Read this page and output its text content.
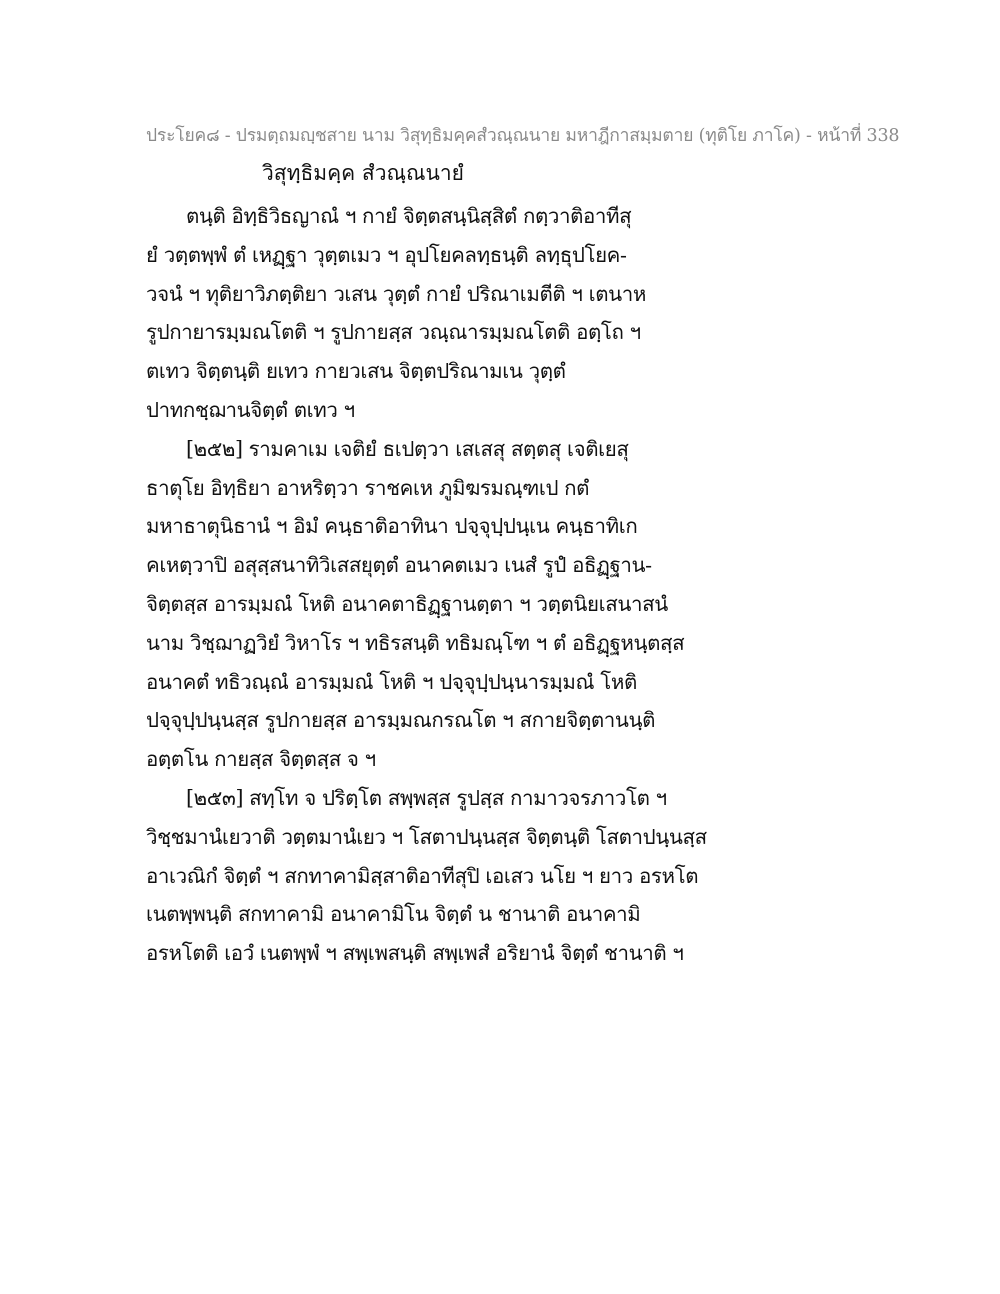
ประโยค๘ - ปรมตฺถมญฺชสาย นาม วิสุทฺธิมคฺคสํวณฺณนาย มหาฎีกาสมฺมตาย (ทุติโย ภาโค) - หน้าที่ 338
วิสุทฺธิมคฺค สํวณฺณนายํ
ตนฺติ อิทฺธิวิธญาณํ ฯ กายํ จิตฺตสนฺนิสฺสิตํ กตฺวาติอาทีสุ
ยํ วตฺตพฺพํ ตํ เหฏฺฐา วุตฺตเมว ฯ อุปโยคลทฺธนฺติ ลทฺธุปโยค-
วจนํ ฯ ทุติยาวิภตฺติยา วเสน วุตฺตํ กายํ ปริณาเมตีติ ฯ เตนาห
รูปกายารมฺมณโตติ ฯ รูปกายสฺส วณฺณารมฺมณโตติ อตฺโถ ฯ
ตเทว จิตฺตนฺติ ยเทว กายวเสน จิตฺตปริณามเน วุตฺตํ
ปาทกชฺฌานจิตฺตํ ตเทว ฯ
[๒๕๒] รามคาเม เจติยํ ธเปตฺวา เสเสสุ สตฺตสุ เจติเยสุ
ธาตุโย อิทฺธิยา อาหริตฺวา ราชคเห ภูมิฆรมณฺฑเป กตํ
มหาธาตุนิธานํ ฯ อิมํ คนฺธาติอาทินา ปจฺจุปฺปนฺเน คนฺธาทิเก
คเหตฺวาปิ อสุสฺสนาทิวิเสสยุตฺตํ อนาคตเมว เนสํ รูปํ อธิฏฺฐาน-
จิตฺตสฺส อารมฺมณํ โหติ อนาคตาธิฏฺฐานตฺตา ฯ วตฺตนิยเสนาสนํ
นาม วิชฺฌาฏวิยํ วิหาโร ฯ ทธิรสนฺติ ทธิมณฺโฑ ฯ ตํ อธิฏฺฐหนฺตสฺส
อนาคตํ ทธิวณฺณํ อารมฺมณํ โหติ ฯ ปจฺจุปฺปนฺนารมฺมณํ โหติ
ปจฺจุปฺปนฺนสฺส รูปกายสฺส อารมฺมณกรณโต ฯ สกายจิตฺตานนฺติ
อตฺตโน กายสฺส จิตฺตสฺส จ ฯ
[๒๕๓] สทฺโท จ ปริตฺโต สพฺพสฺส รูปสฺส กามาวจรภาวโต ฯ
วิชฺชมานํเยวาติ วตฺตมานํเยว ฯ โสตาปนฺนสฺส จิตฺตนฺติ โสตาปนฺนสฺส
อาเวณิกํ จิตฺตํ ฯ สกทาคามิสฺสาติอาทีสุปิ เอเสว นโย ฯ ยาว อรหโต
เนตพฺพนฺติ สกทาคามิ อนาคามิโน จิตฺตํ น ชานาติ อนาคามิ
อรหโตติ เอวํ เนตพฺพํ ฯ สพฺเพสนฺติ สพฺเพสํ อริยานํ จิตฺตํ ชานาติ ฯ
